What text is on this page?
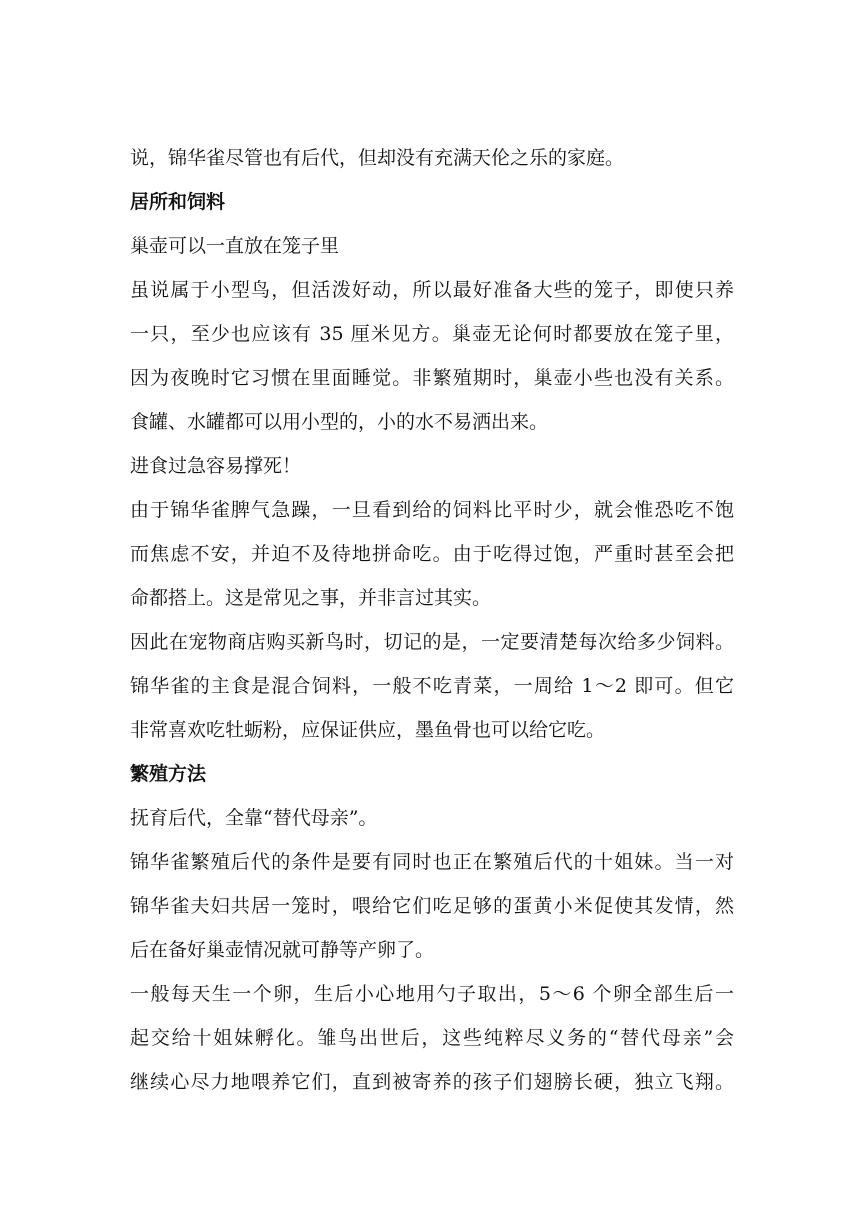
说，锦华雀尽管也有后代，但却没有充满天伦之乐的家庭。

居所和饲料

巢壶可以一直放在笼子里

虽说属于小型鸟，但活泼好动，所以最好准备大些的笼子，即使只养

一只，至少也应该有 35 厘米见方。巢壶无论何时都要放在笼子里，

因为夜晚时它习惯在里面睡觉。非繁殖期时，巢壶小些也没有关系。

食罐、水罐都可以用小型的，小的水不易洒出来。

进食过急容易撑死！

由于锦华雀脾气急躁，一旦看到给的饲料比平时少，就会惟恐吃不饱

而焦虑不安，并迫不及待地拼命吃。由于吃得过饱，严重时甚至会把

命都搭上。这是常见之事，并非言过其实。

因此在宠物商店购买新鸟时，切记的是，一定要清楚每次给多少饲料。

锦华雀的主食是混合饲料，一般不吃青菜，一周给 1～2 即可。但它

非常喜欢吃牡蛎粉，应保证供应，墨鱼骨也可以给它吃。

繁殖方法

抚育后代，全靠“替代母亲”。

锦华雀繁殖后代的条件是要有同时也正在繁殖后代的十姐妹。当一对

锦华雀夫妇共居一笼时，喂给它们吃足够的蛋黄小米促使其发情，然

后在备好巢壶情况就可静等产卵了。

一般每天生一个卵，生后小心地用勺子取出，5～6 个卵全部生后一

起交给十姐妹孵化。雏鸟出世后，这些纯粹尽义务的“替代母亲”会

继续心尽力地喂养它们，直到被寄养的孩子们翅膀长硬，独立飞翔。
